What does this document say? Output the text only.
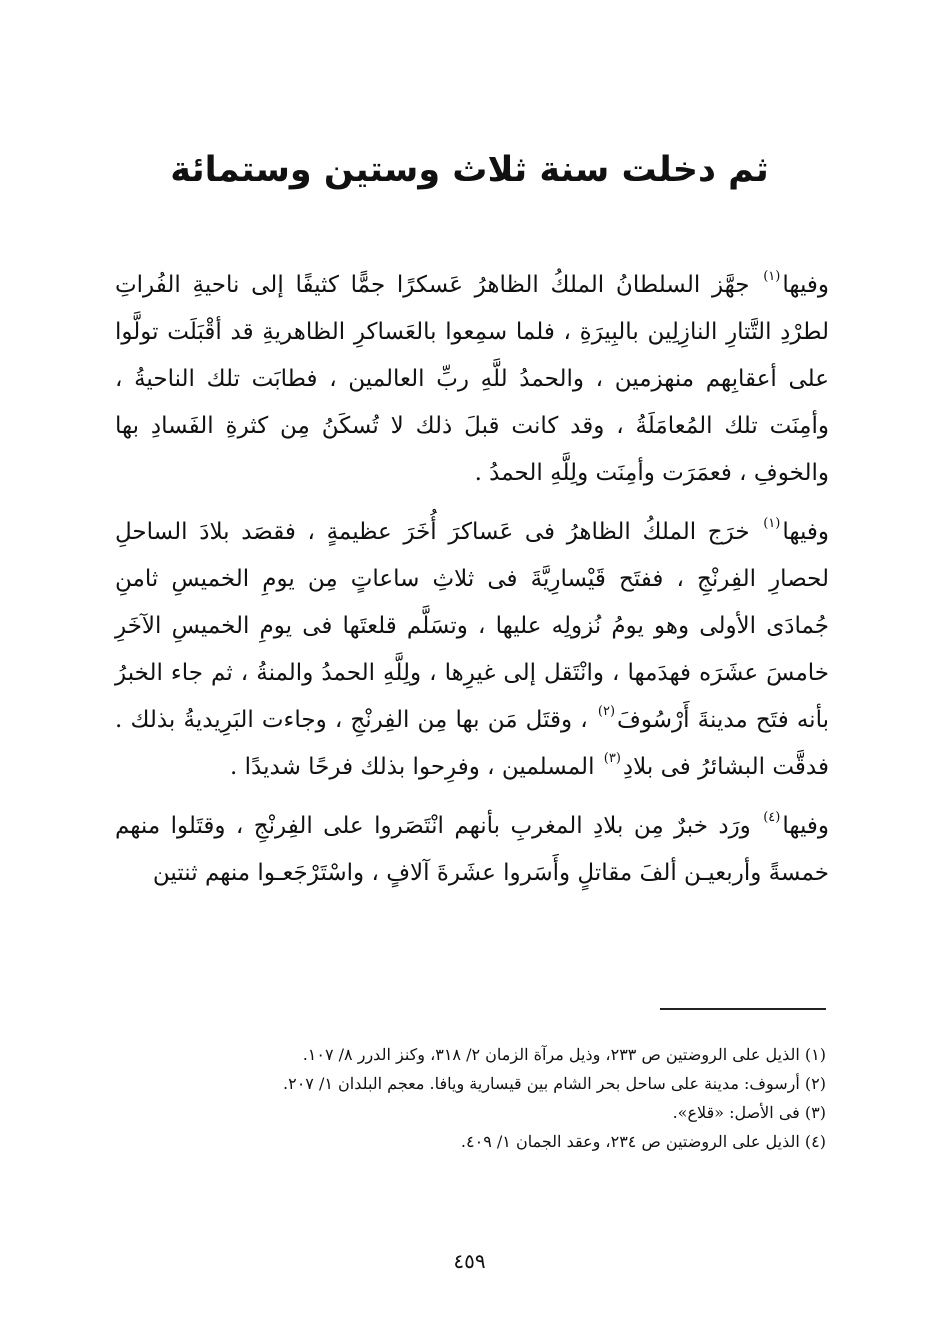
ثم دخلت سنة ثلاث وستين وستمائة

وفيها$^{(١)}$ جهَّز السلطانُ الملكُ الظاهرُ عَسكرًا جمًّا كثيفًا إلى ناحيةِ الفُراتِ لطرْدِ التَّتارِ النازِلِين بالبِيرَةِ ، فلما سمِعوا بالعَساكرِ الظاهريةِ قد أقْبَلَت تولَّوا على أعقابِهم منهزمين ، والحمدُ للَّهِ ربِّ العالمين ، فطابَت تلك الناحيةُ ، وأمِنَت تلك المُعامَلَةُ ، وقد كانت قبلَ ذلك لا تُسكَنُ مِن كثرةِ الفَسادِ بها والخوفِ ، فعمَرَت وأمِنَت ولِلَّهِ الحمدُ .

وفيها$^{(١)}$ خرَج الملكُ الظاهرُ فى عَساكرَ أُخَرَ عظيمةٍ ، فقصَد بلادَ الساحلِ لحصارِ الفِرنْجِ ، ففتَح قَيْسارِيَّةَ فى ثلاثِ ساعاتٍ مِن يومِ الخميسِ ثامنِ جُمادَى الأولى وهو يومُ نُزولِه عليها ، وتسَلَّم قلعتَها فى يومِ الخميسِ الآخَرِ خامسَ عشَرَه فهدَمها ، وانْتَقل إلى غيرِها ، ولِلَّهِ الحمدُ والمنةُ ، ثم جاء الخبرُ بأنه فتَح مدينةَ أَرْسُوفَ$^{(٢)}$ ، وقتَل مَن بها مِن الفِرنْجِ ، وجاءت البَرِيديةُ بذلك . فدقَّت البشائرُ فى بلادِ$^{(٣)}$ المسلمين ، وفرِحوا بذلك فرحًا شديدًا .

وفيها$^{(٤)}$ ورَد خبرٌ مِن بلادِ المغربِ بأنهم انْتَصَروا على الفِرنْجِ ، وقتَلوا منهم خمسةً وأربعيـن ألفَ مقاتلٍ وأَسَروا عشَرةَ آلافٍ ، واسْتَرْجَعـوا منهم ثنتين

(١) الذيل على الروضتين ص ٢٣٣، وذيل مرآة الزمان ٢/ ٣١٨، وكنز الدرر ٨/ ١٠٧.

(٢) أرسوف: مدينة على ساحل بحر الشام بين قيسارية ويافا. معجم البلدان ١/ ٢٠٧.

(٣) فى الأصل: «قلاع».

(٤) الذيل على الروضتين ص ٢٣٤، وعقد الجمان ١/ ٤٠٩.

٤٥٩
